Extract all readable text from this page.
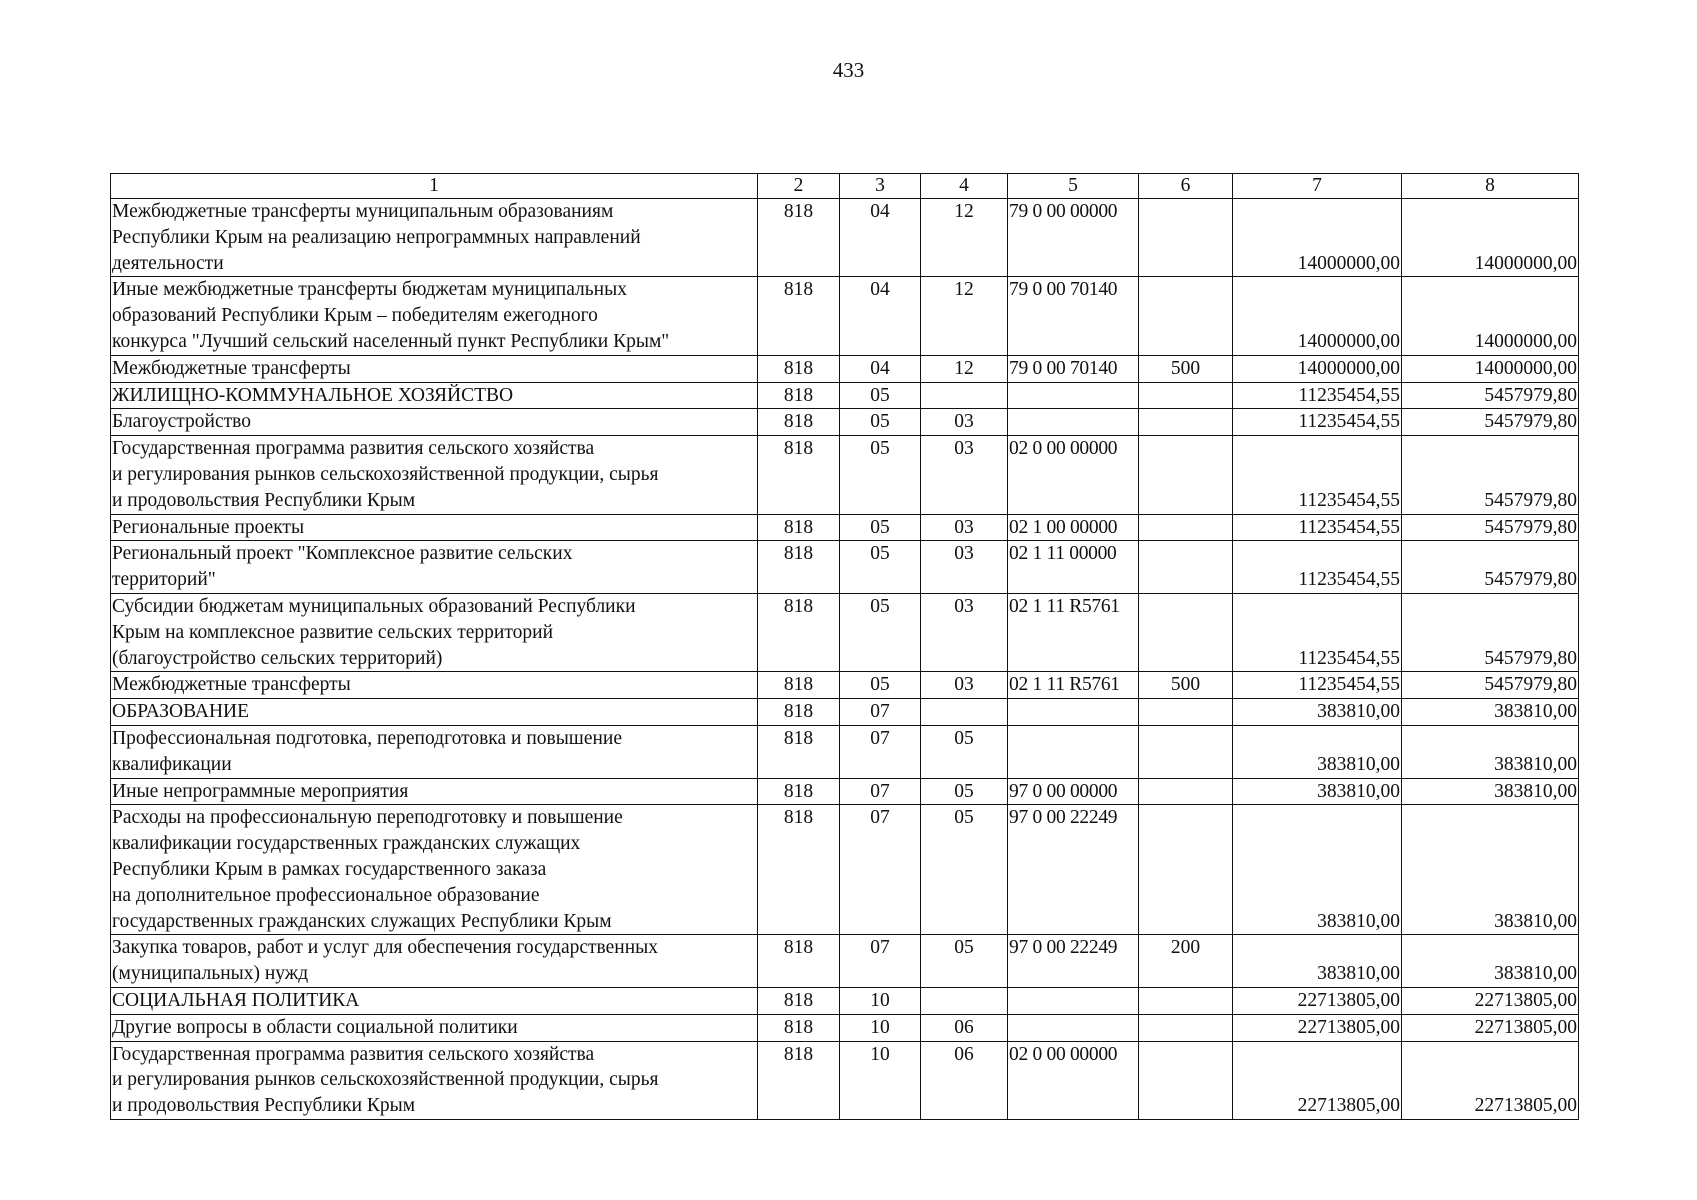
433
1	2	3	4	5	6	7	8
Межбюджетные трансферты муниципальным образованиям
Республики Крым на реализацию непрограммных направлений
деятельности	818	04	12	79 0 00 00000		14000000,00	14000000,00
Иные межбюджетные трансферты бюджетам муниципальных
образований Республики Крым – победителям ежегодного
конкурса "Лучший сельский населенный пункт Республики Крым"	818	04	12	79 0 00 70140		14000000,00	14000000,00
Межбюджетные трансферты	818	04	12	79 0 00 70140	500	14000000,00	14000000,00
ЖИЛИЩНО-КОММУНАЛЬНОЕ ХОЗЯЙСТВО	818	05				11235454,55	5457979,80
Благоустройство	818	05	03			11235454,55	5457979,80
Государственная программа развития сельского хозяйства
и регулирования рынков сельскохозяйственной продукции, сырья
и продовольствия Республики Крым	818	05	03	02 0 00 00000		11235454,55	5457979,80
Региональные проекты	818	05	03	02 1 00 00000		11235454,55	5457979,80
Региональный проект "Комплексное развитие сельских
территорий"	818	05	03	02 1 11 00000		11235454,55	5457979,80
Субсидии бюджетам муниципальных образований Республики
Крым на комплексное развитие сельских территорий
(благоустройство сельских территорий)	818	05	03	02 1 11 R5761		11235454,55	5457979,80
Межбюджетные трансферты	818	05	03	02 1 11 R5761	500	11235454,55	5457979,80
ОБРАЗОВАНИЕ	818	07				383810,00	383810,00
Профессиональная подготовка, переподготовка и повышение
квалификации	818	07	05			383810,00	383810,00
Иные непрограммные мероприятия	818	07	05	97 0 00 00000		383810,00	383810,00
Расходы на профессиональную переподготовку и повышение
квалификации государственных гражданских служащих
Республики Крым в рамках государственного заказа
на дополнительное профессиональное образование
государственных гражданских служащих Республики Крым	818	07	05	97 0 00 22249		383810,00	383810,00
Закупка товаров, работ и услуг для обеспечения государственных
(муниципальных) нужд	818	07	05	97 0 00 22249	200	383810,00	383810,00
СОЦИАЛЬНАЯ ПОЛИТИКА	818	10				22713805,00	22713805,00
Другие вопросы в области социальной политики	818	10	06			22713805,00	22713805,00
Государственная программа развития сельского хозяйства
и регулирования рынков сельскохозяйственной продукции, сырья
и продовольствия Республики Крым	818	10	06	02 0 00 00000		22713805,00	22713805,00
